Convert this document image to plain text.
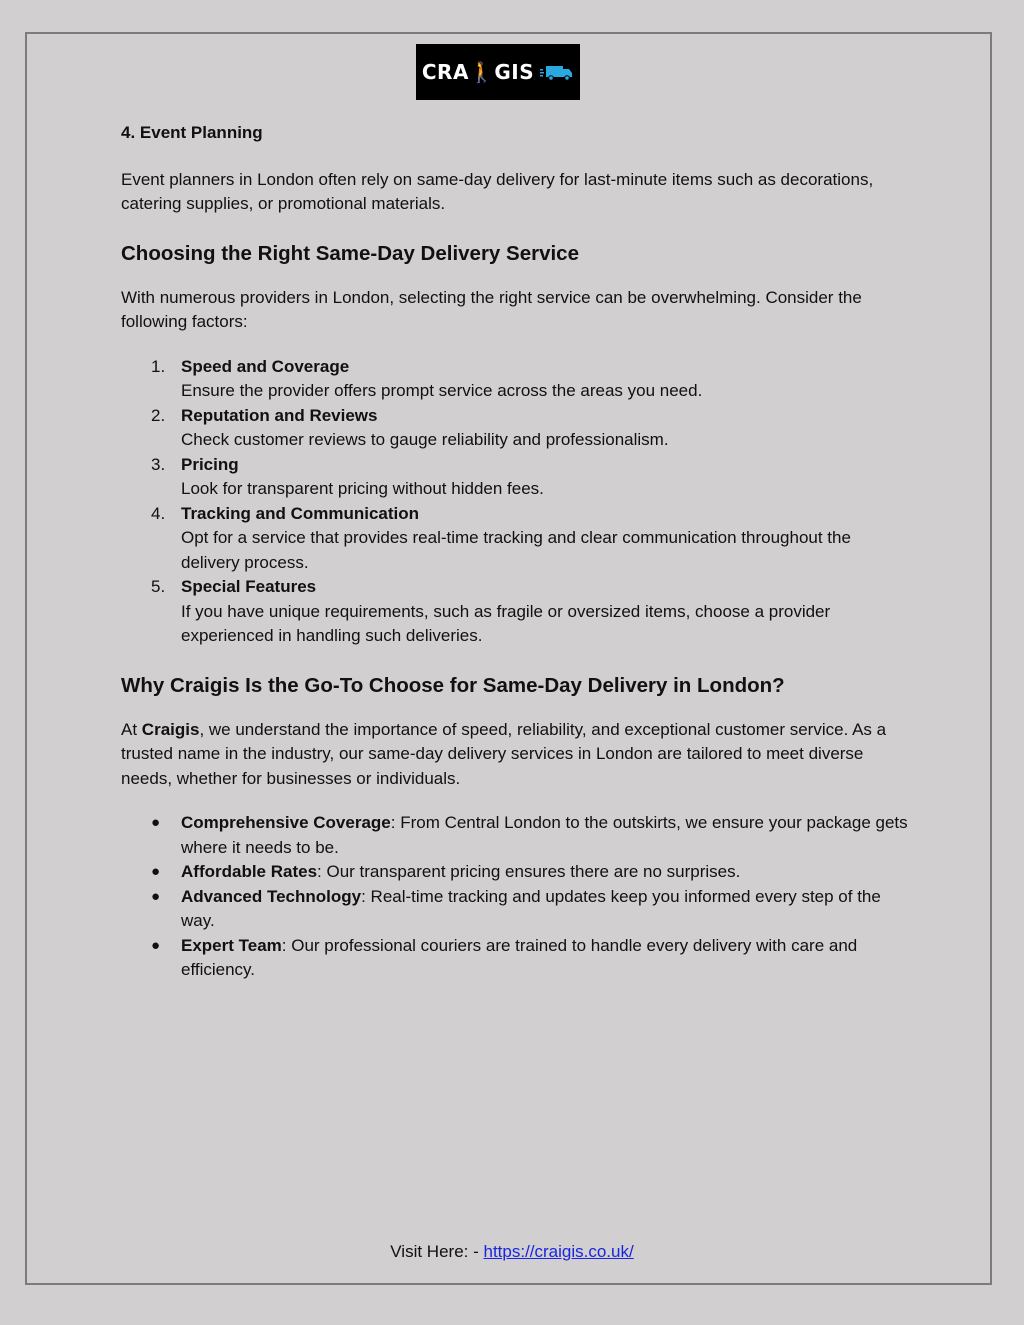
CRA🚶GIS

4. Event Planning

Event planners in London often rely on same-day delivery for last-minute items such as decorations, catering supplies, or promotional materials.

Choosing the Right Same-Day Delivery Service

With numerous providers in London, selecting the right service can be overwhelming. Consider the following factors:

1. Speed and Coverage
Ensure the provider offers prompt service across the areas you need.
2. Reputation and Reviews
Check customer reviews to gauge reliability and professionalism.
3. Pricing
Look for transparent pricing without hidden fees.
4. Tracking and Communication
Opt for a service that provides real-time tracking and clear communication throughout the delivery process.
5. Special Features
If you have unique requirements, such as fragile or oversized items, choose a provider experienced in handling such deliveries.
Why Craigis Is the Go-To Choose for Same-Day Delivery in London?

At Craigis, we understand the importance of speed, reliability, and exceptional customer service. As a trusted name in the industry, our same-day delivery services in London are tailored to meet diverse needs, whether for businesses or individuals.

● Comprehensive Coverage: From Central London to the outskirts, we ensure your package gets where it needs to be.
● Affordable Rates: Our transparent pricing ensures there are no surprises.
● Advanced Technology: Real-time tracking and updates keep you informed every step of the way.
● Expert Team: Our professional couriers are trained to handle every delivery with care and efficiency.
Visit Here: - https://craigis.co.uk/
